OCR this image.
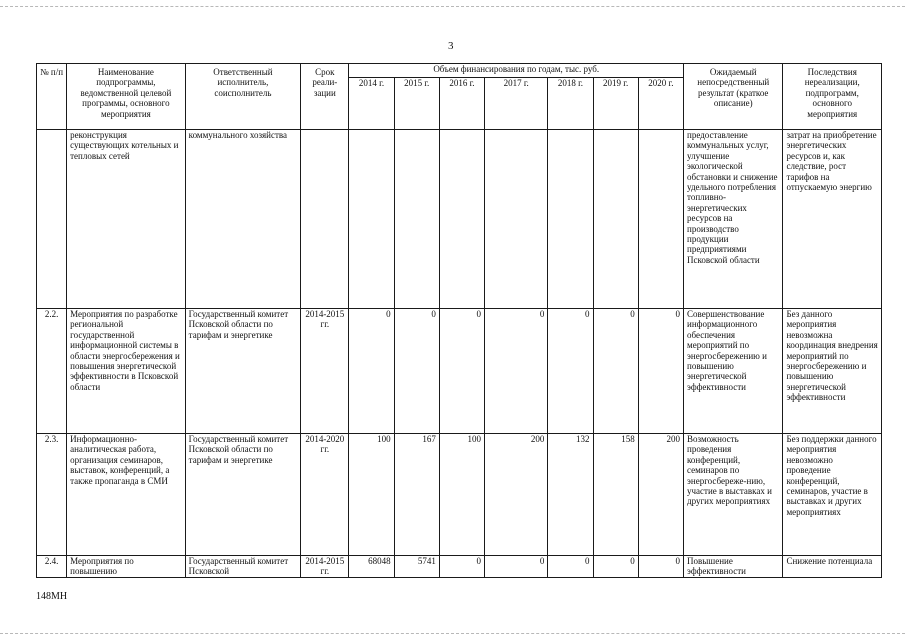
3
№ п/п	Наименование подпрограммы, ведомственной целевой программы, основного мероприятия	Ответственный исполнитель, соисполнитель	Срок реали-зации	Объем финансирования по годам, тыс. руб.							Ожидаемый непосредственный результат (краткое описание)	Последствия нереализации, подпрограмм, основного мероприятия
				2014 г.	2015 г.	2016 г.	2017 г.	2018 г.	2019 г.	2020 г.		
	реконструкция существующих котельных и тепловых сетей	коммунального хозяйства									предоставление коммунальных услуг, улучшение экологической обстановки и снижение удельного потребления топливно-энергетических ресурсов на производство продукции предприятиями Псковской области	затрат на приобретение энергетических ресурсов и, как следствие, рост тарифов на отпускаемую энергию
2.2.	Мероприятия по разработке региональной государственной информационной системы в области энергосбережения и повышения энергетической эффективности в Псковской области	Государственный комитет Псковской области по тарифам и энергетике	2014-2015 гг.	0	0	0	0	0	0	0	Совершенствование информационного обеспечения мероприятий по энергосбережению и повышению энергетической эффективности	Без данного мероприятия невозможна координация внедрения мероприятий по энергосбережению и повышению энергетической эффективности
2.3.	Информационно-аналитическая работа, организация семинаров, выставок, конференций, а также пропаганда в СМИ	Государственный комитет Псковской области по тарифам и энергетике	2014-2020 гг.	100	167	100	200	132	158	200	Возможность проведения конференций, семинаров по энергосбереже-нию, участие в выставках и других мероприятиях	Без поддержки данного мероприятия невозможно проведение конференций, семинаров, участие в выставках и других мероприятиях
2.4.	Мероприятия по повышению	Государственный комитет Псковской	2014-2015 гг.	68048	5741	0	0	0	0	0	Повышение эффективности	Снижение потенциала
148МН
